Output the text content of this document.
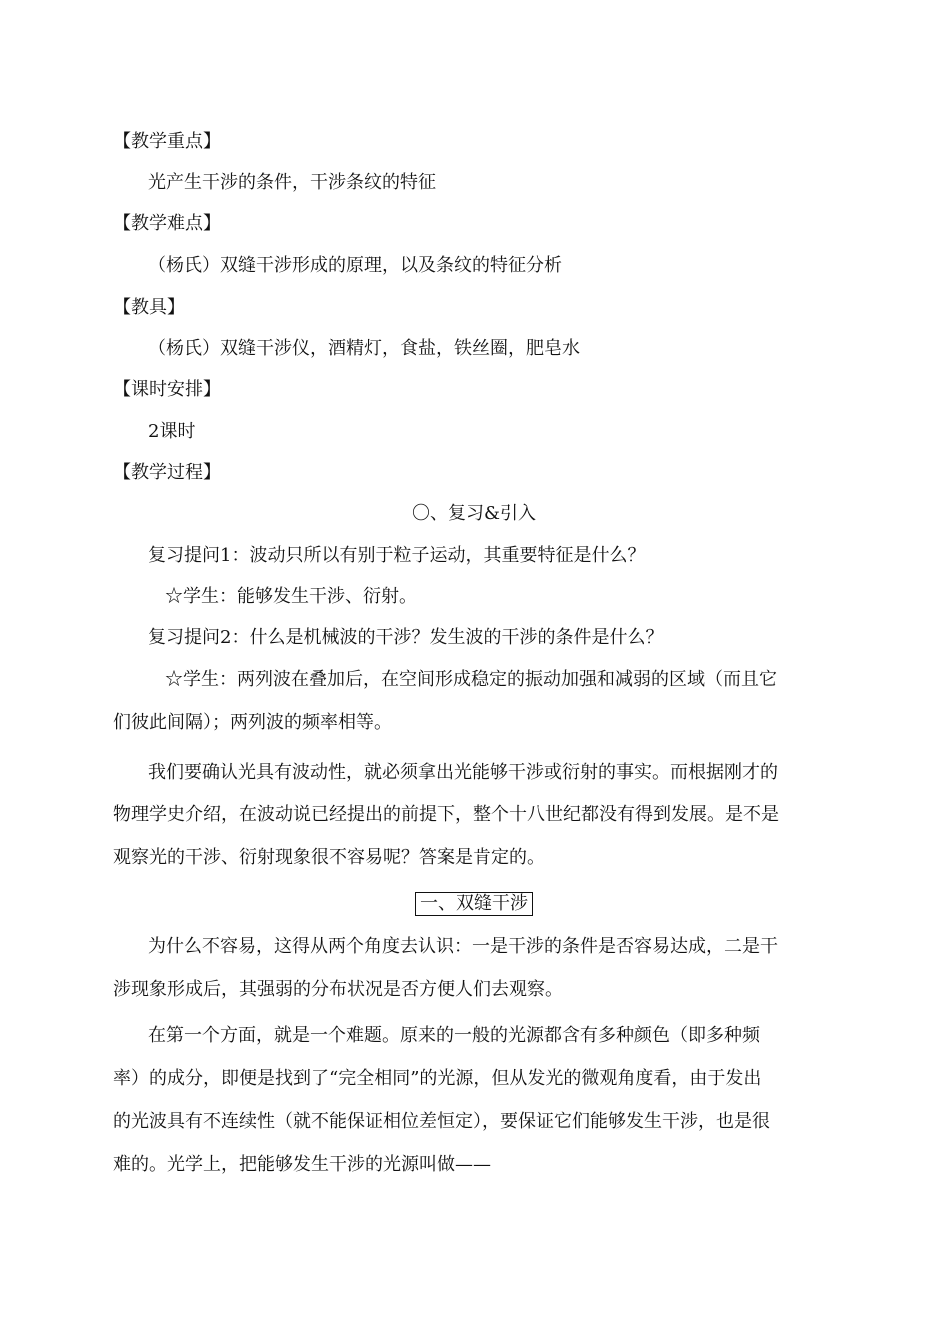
【教学重点】
光产生干涉的条件，干涉条纹的特征
【教学难点】
（杨氏）双缝干涉形成的原理，以及条纹的特征分析
【教具】
（杨氏）双缝干涉仪，酒精灯，食盐，铁丝圈，肥皂水
【课时安排】
2课时
【教学过程】
〇、复习&引入
复习提问1：波动只所以有别于粒子运动，其重要特征是什么？
☆学生：能够发生干涉、衍射。
复习提问2：什么是机械波的干涉？发生波的干涉的条件是什么？
☆学生：两列波在叠加后，在空间形成稳定的振动加强和减弱的区域（而且它
们彼此间隔）；两列波的频率相等。
我们要确认光具有波动性，就必须拿出光能够干涉或衍射的事实。而根据刚才的
物理学史介绍，在波动说已经提出的前提下，整个十八世纪都没有得到发展。是不是
观察光的干涉、衍射现象很不容易呢？答案是肯定的。
一、双缝干涉
为什么不容易，这得从两个角度去认识：一是干涉的条件是否容易达成，二是干
涉现象形成后，其强弱的分布状况是否方便人们去观察。
在第一个方面，就是一个难题。原来的一般的光源都含有多种颜色（即多种频
率）的成分，即便是找到了“完全相同”的光源，但从发光的微观角度看，由于发出
的光波具有不连续性（就不能保证相位差恒定），要保证它们能够发生干涉，也是很
难的。光学上，把能够发生干涉的光源叫做——
